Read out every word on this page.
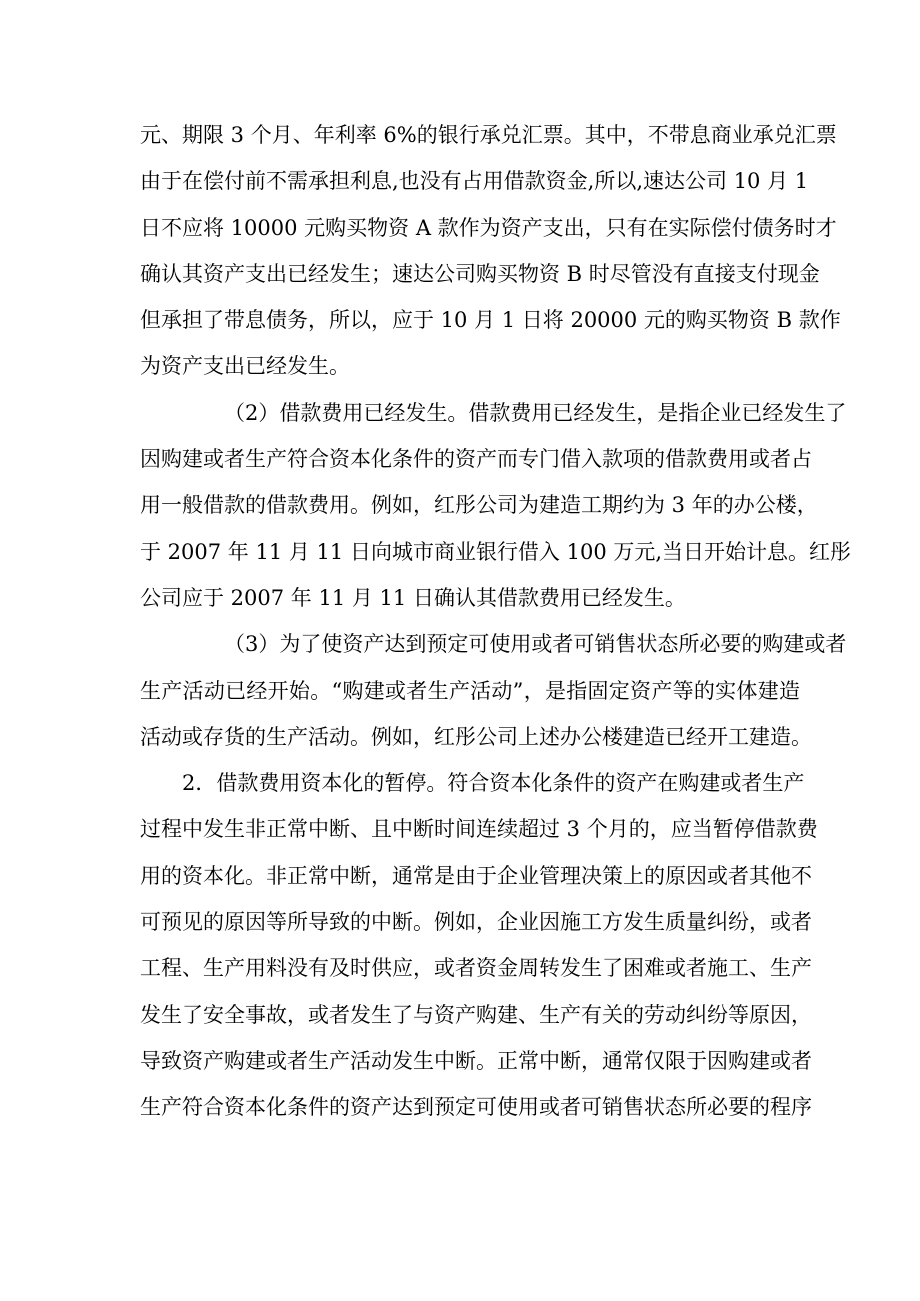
元、期限 3 个月、年利率 6%的银行承兑汇票。其中，不带息商业承兑汇票
由于在偿付前不需承担利息,也没有占用借款资金,所以,速达公司 10 月 1
日不应将 10000 元购买物资 A 款作为资产支出，只有在实际偿付债务时才
确认其资产支出已经发生；速达公司购买物资 B 时尽管没有直接支付现金
但承担了带息债务，所以，应于 10 月 1 日将 20000 元的购买物资 B 款作
为资产支出已经发生。
（2）借款费用已经发生。借款费用已经发生，是指企业已经发生了
因购建或者生产符合资本化条件的资产而专门借入款项的借款费用或者占
用一般借款的借款费用。例如，红彤公司为建造工期约为 3 年的办公楼，
于 2007 年 11 月 11 日向城市商业银行借入 100 万元,当日开始计息。红彤
公司应于 2007 年 11 月 11 日确认其借款费用已经发生。
（3）为了使资产达到预定可使用或者可销售状态所必要的购建或者
生产活动已经开始。“购建或者生产活动”，是指固定资产等的实体建造
活动或存货的生产活动。例如，红彤公司上述办公楼建造已经开工建造。
2．借款费用资本化的暂停。符合资本化条件的资产在购建或者生产
过程中发生非正常中断、且中断时间连续超过 3 个月的，应当暂停借款费
用的资本化。非正常中断，通常是由于企业管理决策上的原因或者其他不
可预见的原因等所导致的中断。例如，企业因施工方发生质量纠纷，或者
工程、生产用料没有及时供应，或者资金周转发生了困难或者施工、生产
发生了安全事故，或者发生了与资产购建、生产有关的劳动纠纷等原因，
导致资产购建或者生产活动发生中断。正常中断，通常仅限于因购建或者
生产符合资本化条件的资产达到预定可使用或者可销售状态所必要的程序
